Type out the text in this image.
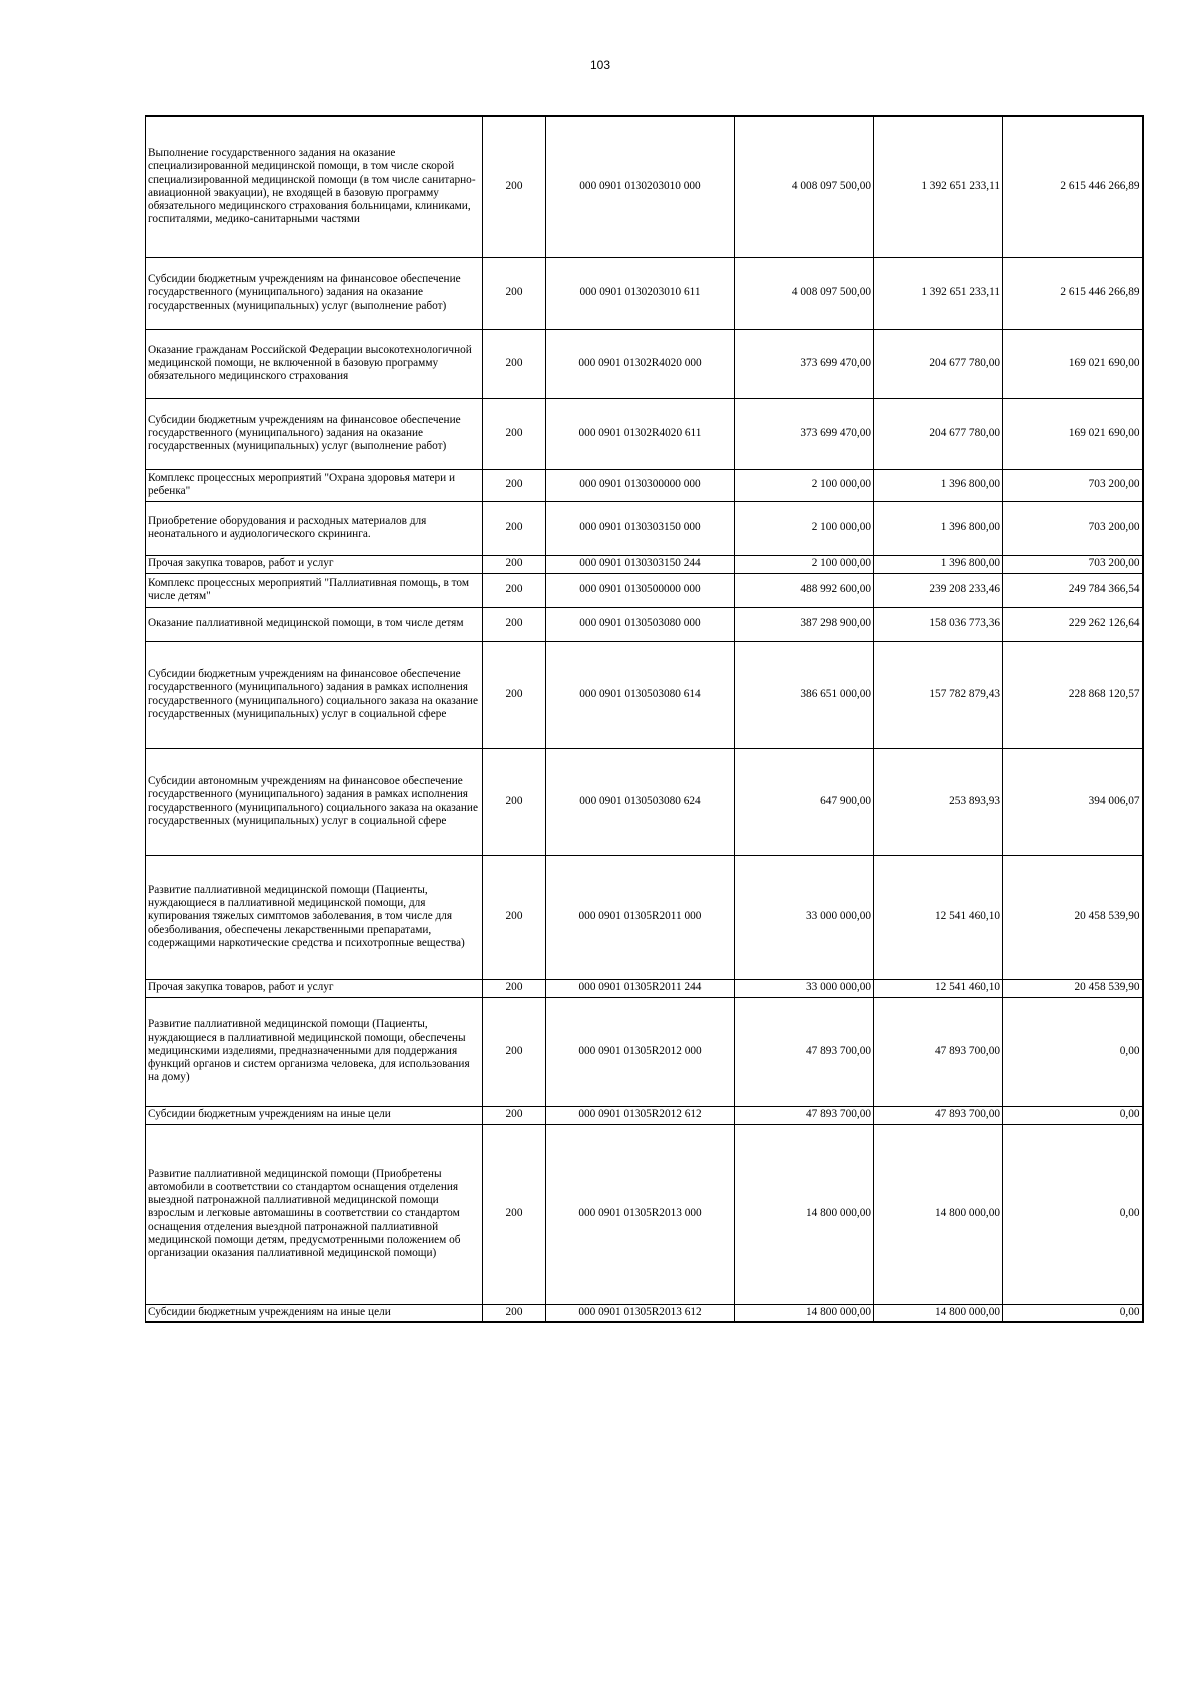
103
Выполнение государственного задания на оказание специализированной медицинской помощи, в том числе скорой специализированной медицинской помощи (в том числе санитарно-авиационной эвакуации), не входящей в базовую программу обязательного медицинского страхования больницами, клиниками, госпиталями, медико-санитарными частями	200	000 0901 0130203010 000	4 008 097 500,00	1 392 651 233,11	2 615 446 266,89
Субсидии бюджетным учреждениям на финансовое обеспечение государственного (муниципального) задания на оказание государственных (муниципальных) услуг (выполнение работ)	200	000 0901 0130203010 611	4 008 097 500,00	1 392 651 233,11	2 615 446 266,89
Оказание гражданам Российской Федерации высокотехнологичной медицинской помощи, не включенной в базовую программу обязательного медицинского страхования	200	000 0901 01302R4020 000	373 699 470,00	204 677 780,00	169 021 690,00
Субсидии бюджетным учреждениям на финансовое обеспечение государственного (муниципального) задания на оказание государственных (муниципальных) услуг (выполнение работ)	200	000 0901 01302R4020 611	373 699 470,00	204 677 780,00	169 021 690,00
Комплекс процессных мероприятий "Охрана здоровья матери и ребенка"	200	000 0901 0130300000 000	2 100 000,00	1 396 800,00	703 200,00
Приобретение оборудования и расходных материалов для неонатального и аудиологического скрининга.	200	000 0901 0130303150 000	2 100 000,00	1 396 800,00	703 200,00
Прочая закупка товаров, работ и услуг	200	000 0901 0130303150 244	2 100 000,00	1 396 800,00	703 200,00
Комплекс процессных мероприятий "Паллиативная помощь, в том числе детям"	200	000 0901 0130500000 000	488 992 600,00	239 208 233,46	249 784 366,54
Оказание паллиативной медицинской помощи, в том числе детям	200	000 0901 0130503080 000	387 298 900,00	158 036 773,36	229 262 126,64
Субсидии бюджетным учреждениям на финансовое обеспечение государственного (муниципального) задания в рамках исполнения государственного (муниципального) социального заказа на оказание государственных (муниципальных) услуг в социальной сфере	200	000 0901 0130503080 614	386 651 000,00	157 782 879,43	228 868 120,57
Субсидии автономным учреждениям на финансовое обеспечение государственного (муниципального) задания в рамках исполнения государственного (муниципального) социального заказа на оказание государственных (муниципальных) услуг в социальной сфере	200	000 0901 0130503080 624	647 900,00	253 893,93	394 006,07
Развитие паллиативной медицинской помощи (Пациенты, нуждающиеся в паллиативной медицинской помощи, для купирования тяжелых симптомов заболевания, в том числе для обезболивания, обеспечены лекарственными препаратами, содержащими наркотические средства и психотропные вещества)	200	000 0901 01305R2011 000	33 000 000,00	12 541 460,10	20 458 539,90
Прочая закупка товаров, работ и услуг	200	000 0901 01305R2011 244	33 000 000,00	12 541 460,10	20 458 539,90
Развитие паллиативной медицинской помощи (Пациенты, нуждающиеся в паллиативной медицинской помощи, обеспечены медицинскими изделиями, предназначенными для поддержания функций органов и систем организма человека, для использования на дому)	200	000 0901 01305R2012 000	47 893 700,00	47 893 700,00	0,00
Субсидии бюджетным учреждениям на иные цели	200	000 0901 01305R2012 612	47 893 700,00	47 893 700,00	0,00
Развитие паллиативной медицинской помощи (Приобретены автомобили в соответствии со стандартом оснащения отделения выездной патронажной паллиативной медицинской помощи взрослым и легковые автомашины в соответствии со стандартом оснащения отделения выездной патронажной паллиативной медицинской помощи детям, предусмотренными положением об организации оказания паллиативной медицинской помощи)	200	000 0901 01305R2013 000	14 800 000,00	14 800 000,00	0,00
Субсидии бюджетным учреждениям на иные цели	200	000 0901 01305R2013 612	14 800 000,00	14 800 000,00	0,00
